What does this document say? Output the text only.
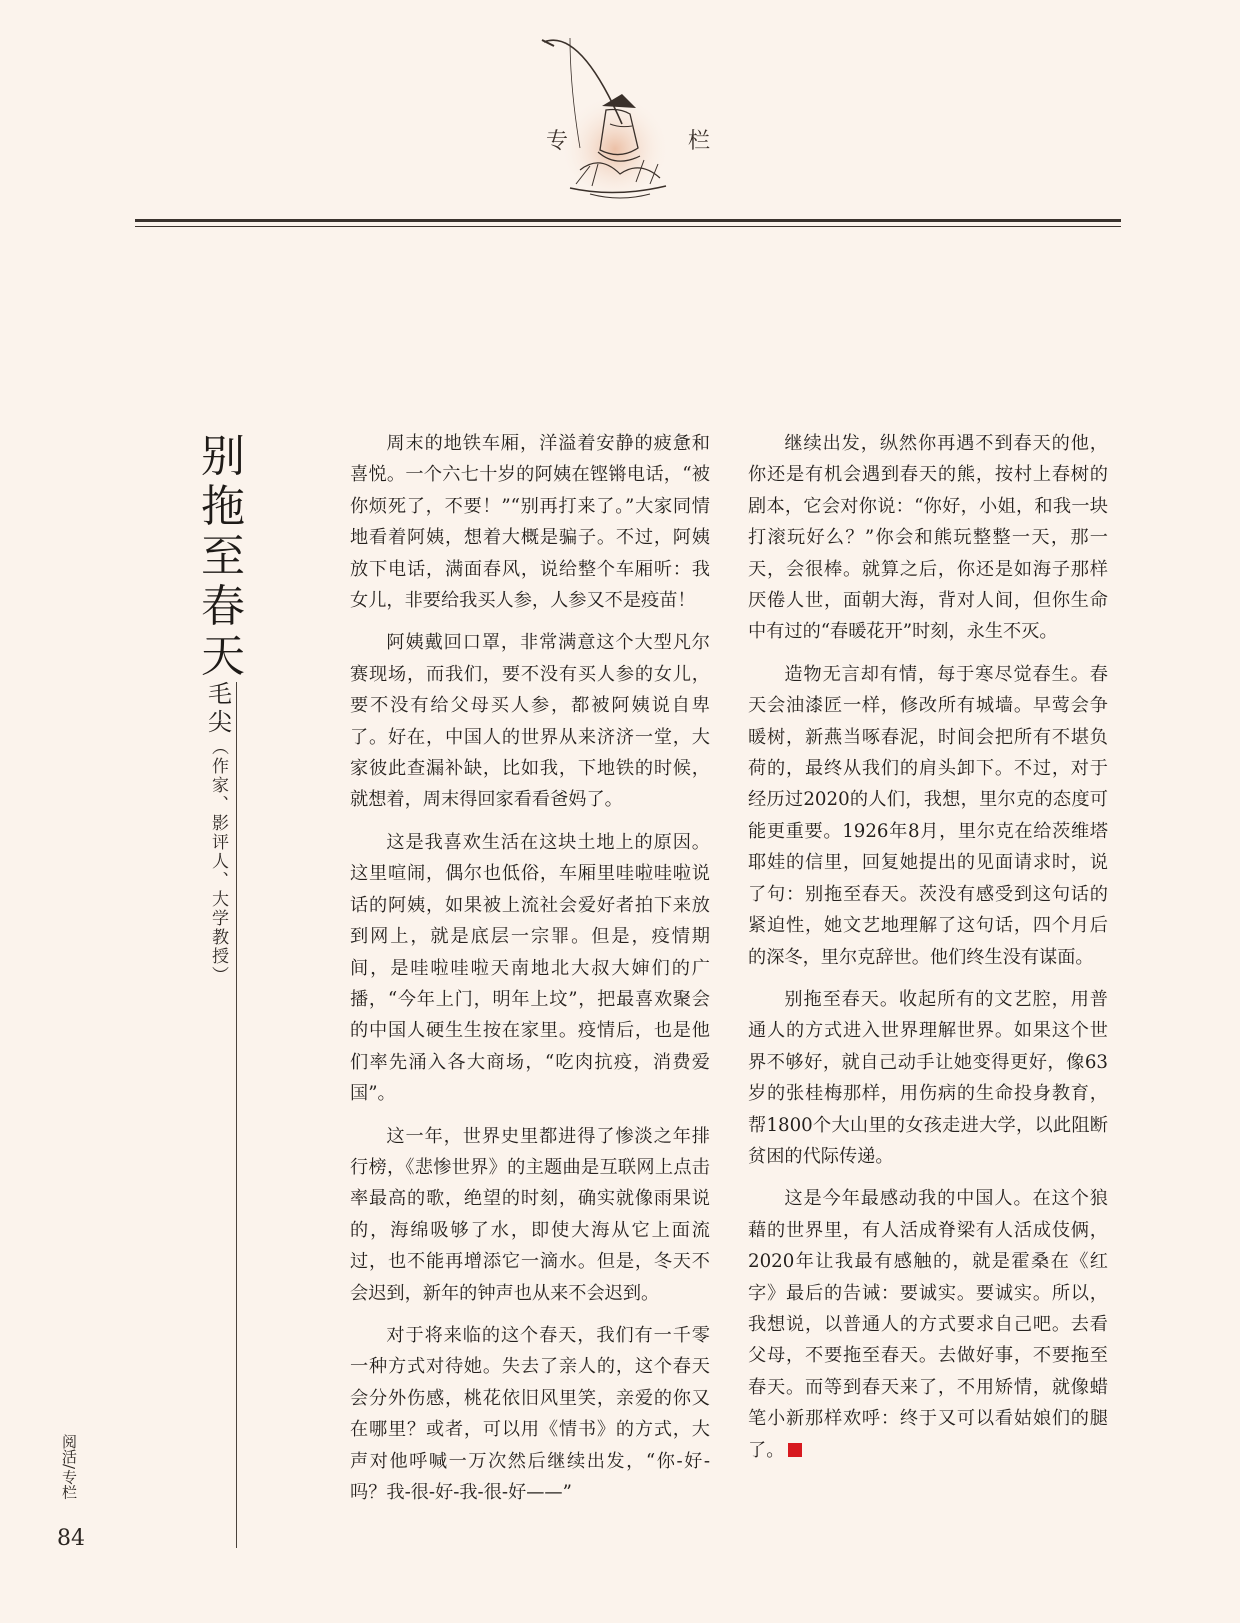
专	栏
别拖至春天
毛尖
（作家、影评人、大学教授）

周末的地铁车厢，洋溢着安静的疲惫和喜悦。一个六七十岁的阿姨在铿锵电话，“被你烦死了，不要！”“别再打来了。”大家同情地看着阿姨，想着大概是骗子。不过，阿姨放下电话，满面春风，说给整个车厢听：我女儿，非要给我买人参，人参又不是疫苗！

阿姨戴回口罩，非常满意这个大型凡尔赛现场，而我们，要不没有买人参的女儿，要不没有给父母买人参，都被阿姨说自卑了。好在，中国人的世界从来济济一堂，大家彼此查漏补缺，比如我，下地铁的时候，就想着，周末得回家看看爸妈了。

这是我喜欢生活在这块土地上的原因。这里喧闹，偶尔也低俗，车厢里哇啦哇啦说话的阿姨，如果被上流社会爱好者拍下来放到网上，就是底层一宗罪。但是，疫情期间，是哇啦哇啦天南地北大叔大婶们的广播，“今年上门，明年上坟”，把最喜欢聚会的中国人硬生生按在家里。疫情后，也是他们率先涌入各大商场，“吃肉抗疫，消费爱国”。

这一年，世界史里都进得了惨淡之年排行榜，《悲惨世界》的主题曲是互联网上点击率最高的歌，绝望的时刻，确实就像雨果说的，海绵吸够了水，即使大海从它上面流过，也不能再增添它一滴水。但是，冬天不会迟到，新年的钟声也从来不会迟到。

对于将来临的这个春天，我们有一千零一种方式对待她。失去了亲人的，这个春天会分外伤感，桃花依旧风里笑，亲爱的你又在哪里？或者，可以用《情书》的方式，大声对他呼喊一万次然后继续出发，“你-好-吗？我-很-好-我-很-好——”

继续出发，纵然你再遇不到春天的他，你还是有机会遇到春天的熊，按村上春树的剧本，它会对你说：“你好，小姐，和我一块打滚玩好么？”你会和熊玩整整一天，那一天，会很棒。就算之后，你还是如海子那样厌倦人世，面朝大海，背对人间，但你生命中有过的“春暖花开”时刻，永生不灭。

造物无言却有情，每于寒尽觉春生。春天会油漆匠一样，修改所有城墙。早莺会争暖树，新燕当啄春泥，时间会把所有不堪负荷的，最终从我们的肩头卸下。不过，对于经历过2020的人们，我想，里尔克的态度可能更重要。1926年8月，里尔克在给茨维塔耶娃的信里，回复她提出的见面请求时，说了句：别拖至春天。茨没有感受到这句话的紧迫性，她文艺地理解了这句话，四个月后的深冬，里尔克辞世。他们终生没有谋面。

别拖至春天。收起所有的文艺腔，用普通人的方式进入世界理解世界。如果这个世界不够好，就自己动手让她变得更好，像63岁的张桂梅那样，用伤病的生命投身教育，帮1800个大山里的女孩走进大学，以此阻断贫困的代际传递。

这是今年最感动我的中国人。在这个狼藉的世界里，有人活成脊梁有人活成伎俩，2020年让我最有感触的，就是霍桑在《红字》最后的告诫：要诚实。要诚实。所以，我想说，以普通人的方式要求自己吧。去看父母，不要拖至春天。去做好事，不要拖至春天。而等到春天来了，不用矫情，就像蜡笔小新那样欢呼：终于又可以看姑娘们的腿了。

阅活/专栏
84
